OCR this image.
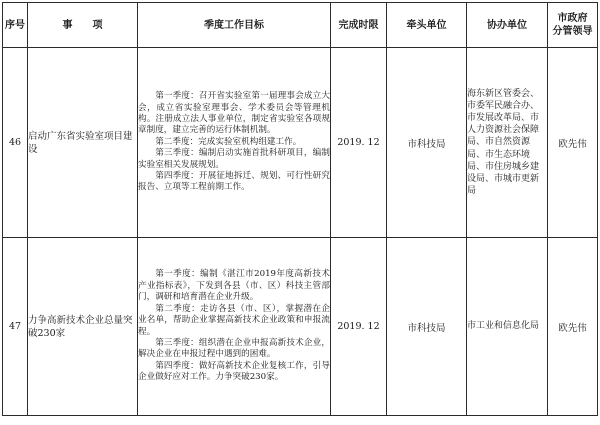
序号	事　　项	季度工作目标	完成时限	牵头单位	协办单位	市政府
分管领导
46	启动广东省实验室项目建设	第一季度：召开省实验室第一届理事会成立大会，成立省实验室理事会、学术委员会等管理机构。注册成立法人事业单位，制定省实验室各项规章制度，建立完善的运行体制机制。

第二季度：完成实验室机构组建工作。

第三季度：编制启动实施首批科研项目，编制实验室相关发展规划。

第四季度：开展征地拆迁、规划、可行性研究报告、立项等工程前期工作。	2019. 12	市科技局	海东新区管委会、市委军民融合办、市发展改革局、市人力资源社会保障局、市自然资源局、市生态环境局、市住房城乡建设局、市城市更新局	欧先伟
47	力争高新技术企业总量突破230家	第一季度：编制《湛江市2019年度高新技术产业指标表》，下发到各县（市、区）科技主管部门，调研和培育潜在企业升级。

第二季度：走访各县（市、区），掌握潜在企业名单，帮助企业掌握高新技术企业政策和申报流程。

第三季度：组织潜在企业申报高新技术企业，解决企业在申报过程中遇到的困难。

第四季度：做好高新技术企业复核工作，引导企业做好应对工作。力争突破230家。	2019. 12	市科技局	市工业和信息化局	欧先伟
